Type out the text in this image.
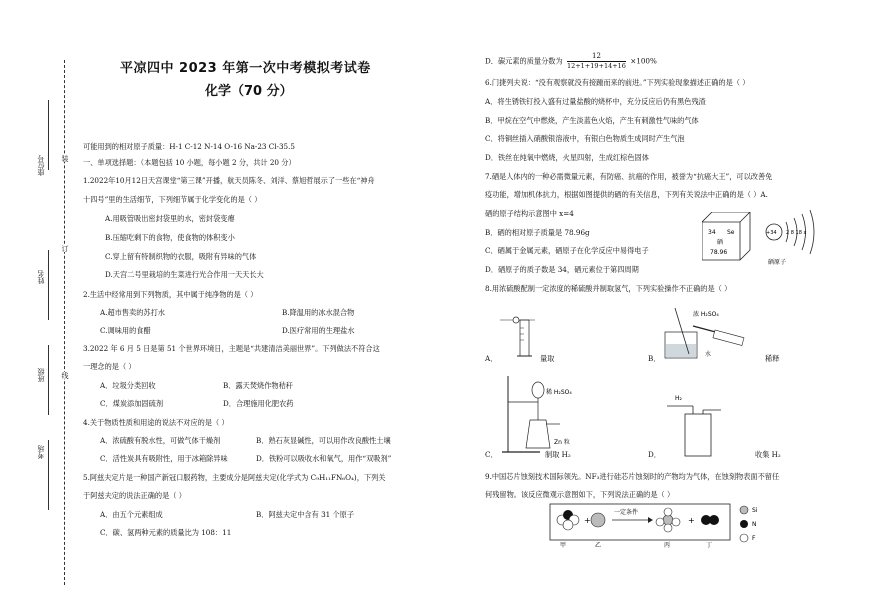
座位号
姓名
班级
考场
装
订
线
平凉四中 2023 年第一次中考模拟考试卷
化学（70 分）
可能用到的相对原子质量：H-1 C-12 N-14 O-16 Na-23 Cl-35.5
一、单项选择题：（本题包括 10 小题，每小题 2 分，共计 20 分）
1.2022年10月12日天宫课堂“第三课”开播，航天员陈冬、刘洋、蔡旭哲展示了一些在“神舟
十四号”里的生活细节，下列细节属于化学变化的是（ ）
A.用吸管吸出密封袋里的水，密封袋变瘪
B.压缩吃剩下的食物，使食物的体积变小
C.穿上留有特制织物的衣服，吸附有异味的气体
D.天宫二号里栽培的生菜进行光合作用一天天长大
2.生活中经常用到下列物质，其中属于纯净物的是（ ）
A.超市售卖的苏打水	B.降温用的冰水混合物
C.调味用的食醋	D.医疗常用的生理盐水
3.2022 年 6 月 5 日是第 51 个世界环境日，主题是“共建清洁美丽世界”。下列做法不符合这
一理念的是（ ）
A．垃圾分类回收	B．露天焚烧作物秸秆
C．煤炭添加固硫剂	D．合理施用化肥农药
4.关于物质性质和用途的说法不对应的是（ ）
A．浓硫酸有脱水性，可做气体干燥剂	B．熟石灰显碱性，可以用作改良酸性土壤
C．活性炭具有吸附性，用于冰箱除异味	D．铁粉可以吸收水和氧气，用作“双吸剂”
5.阿兹夫定片是一种国产新冠口服药物，主要成分是阿兹夫定(化学式为 C₉H₁₁FN₆O₄)，下列关
于阿兹夫定的说法正确的是（ ）
A．由五个元素组成	B．阿兹夫定中含有 31 个原子
C．碳、氢两种元素的质量比为 108：11
D．碳元素的质量分数为 $\frac{12}{12+1+19+14+16} \times 100\%$
6.门捷列夫说：“没有观察就没有接踵而来的前进。”下列实验现象描述正确的是（ ）
A．将生锈铁钉投入盛有过量盐酸的烧杯中，充分反应后仍有黑色残渣
B．甲烷在空气中燃烧，产生淡蓝色火焰，产生有刺激性气味的气体
C．将铜丝插入硝酸银溶液中，有银白色物质生成同时产生气泡
D．铁丝在纯氧中燃烧，火星四射，生成红棕色固体
7.硒是人体内的一种必需微量元素，有防癌、抗癌的作用，被誉为“抗癌大王”，可以改善免
疫功能，增加机体抗力，根据如图提供的硒的有关信息，下列有关说法中正确的是（ ）A.
硒的原子结构示意图中 x=4
B．硒的相对原子质量是 78.96g
C．硒属于金属元素，硒原子在化学反应中易得电子
D．硒原子的质子数是 34，硒元素位于第四周期
34 Se
硒
78.96
+34 2 8 18 x
硒原子
8.用浓硫酸配制一定浓度的稀硫酸并制取氢气，下列实验操作不正确的是（ ）
A．	量取
浓 H₂SO₄
水
B．	稀释
稀 H₂SO₄
Zn 粒
C．	制取 H₂
H₂
D．	收集 H₂
9.中国芯片蚀刻技术国际领先。NF₃进行硅芯片蚀刻时的产物均为气体，在蚀刻物表面不留任
何残留物。该反应微观示意图如下，下列说法正确的是（ ）
+
一定条件
+
甲	乙	丙	丁
Si
N
F
